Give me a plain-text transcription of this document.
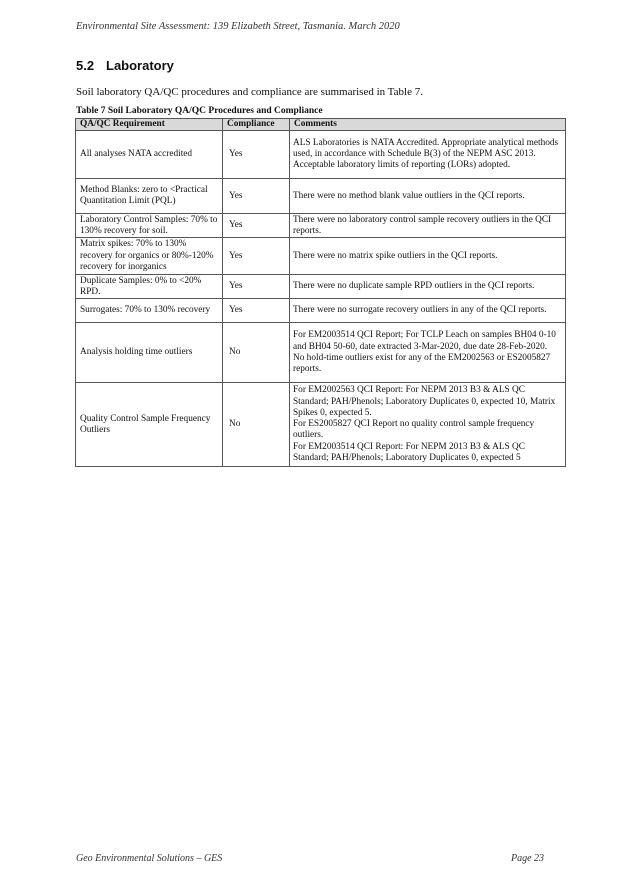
Environmental Site Assessment: 139 Elizabeth Street, Tasmania. March 2020
5.2 Laboratory
Soil laboratory QA/QC procedures and compliance are summarised in Table 7.
Table 7 Soil Laboratory QA/QC Procedures and Compliance
QA/QC Requirement	Compliance	Comments
All analyses NATA accredited	Yes	ALS Laboratories is NATA Accredited. Appropriate analytical methods used, in accordance with Schedule B(3) of the NEPM ASC 2013. Acceptable laboratory limits of reporting (LORs) adopted.
Method Blanks: zero to <Practical Quantitation Limit (PQL)	Yes	There were no method blank value outliers in the QCI reports.
Laboratory Control Samples: 70% to 130% recovery for soil.	Yes	There were no laboratory control sample recovery outliers in the QCI reports.
Matrix spikes: 70% to 130% recovery for organics or 80%-120% recovery for inorganics	Yes	There were no matrix spike outliers in the QCI reports.
Duplicate Samples: 0% to <20% RPD.	Yes	There were no duplicate sample RPD outliers in the QCI reports.
Surrogates: 70% to 130% recovery	Yes	There were no surrogate recovery outliers in any of the QCI reports.
Analysis holding time outliers	No	For EM2003514 QCI Report; For TCLP Leach on samples BH04 0-10 and BH04 50-60, date extracted 3-Mar-2020, due date 28-Feb-2020.
No hold-time outliers exist for any of the EM2002563 or ES2005827 reports.

Quality Control Sample Frequency Outliers	No	For EM2002563 QCI Report: For NEPM 2013 B3 & ALS QC Standard; PAH/Phenols; Laboratory Duplicates 0, expected 10, Matrix Spikes 0, expected 5.
For ES2005827 QCI Report no quality control sample frequency outliers.
For EM2003514 QCI Report: For NEPM 2013 B3 & ALS QC Standard; PAH/Phenols; Laboratory Duplicates 0, expected 5
Geo Environmental Solutions – GES	Page 23
